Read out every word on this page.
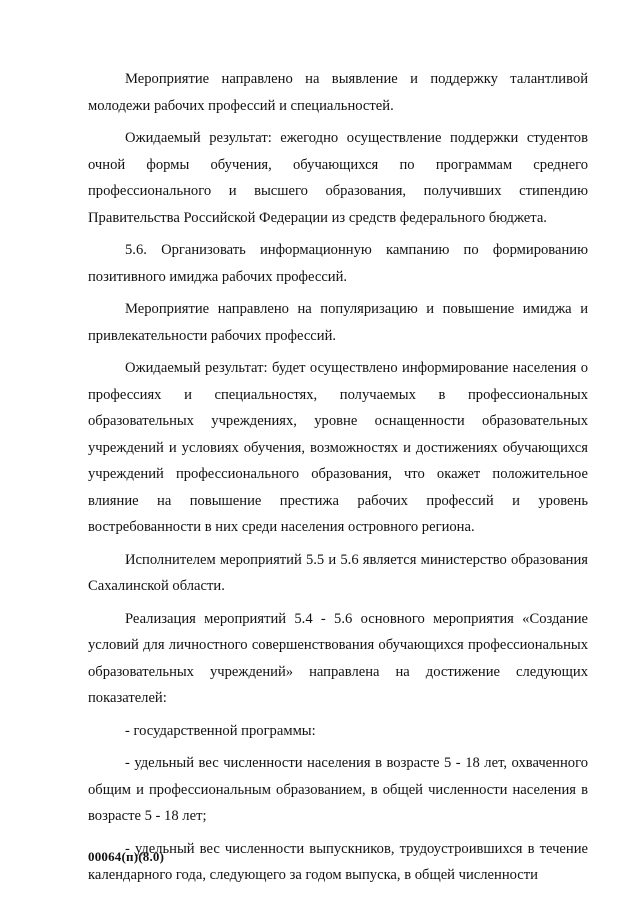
Мероприятие направлено на выявление и поддержку талантливой молодежи рабочих профессий и специальностей.

Ожидаемый результат: ежегодно осуществление поддержки студентов очной формы обучения, обучающихся по программам среднего профессионального и высшего образования, получивших стипендию Правительства Российской Федерации из средств федерального бюджета.

5.6. Организовать информационную кампанию по формированию позитивного имиджа рабочих профессий.

Мероприятие направлено на популяризацию и повышение имиджа и привлекательности рабочих профессий.

Ожидаемый результат: будет осуществлено информирование населения о профессиях и специальностях, получаемых в профессиональных образовательных учреждениях, уровне оснащенности образовательных учреждений и условиях обучения, возможностях и достижениях обучающихся учреждений профессионального образования, что окажет положительное влияние на повышение престижа рабочих профессий и уровень востребованности в них среди населения островного региона.

Исполнителем мероприятий 5.5 и 5.6 является министерство образования Сахалинской области.

Реализация мероприятий 5.4 - 5.6 основного мероприятия «Создание условий для личностного совершенствования обучающихся профессиональных образовательных учреждений» направлена на достижение следующих показателей:

- государственной программы:

- удельный вес численности населения в возрасте 5 - 18 лет, охваченного общим и профессиональным образованием, в общей численности населения в возрасте 5 - 18 лет;

- удельный вес численности выпускников, трудоустроившихся в течение календарного года, следующего за годом выпуска, в общей численности

00064(п)(8.0)
